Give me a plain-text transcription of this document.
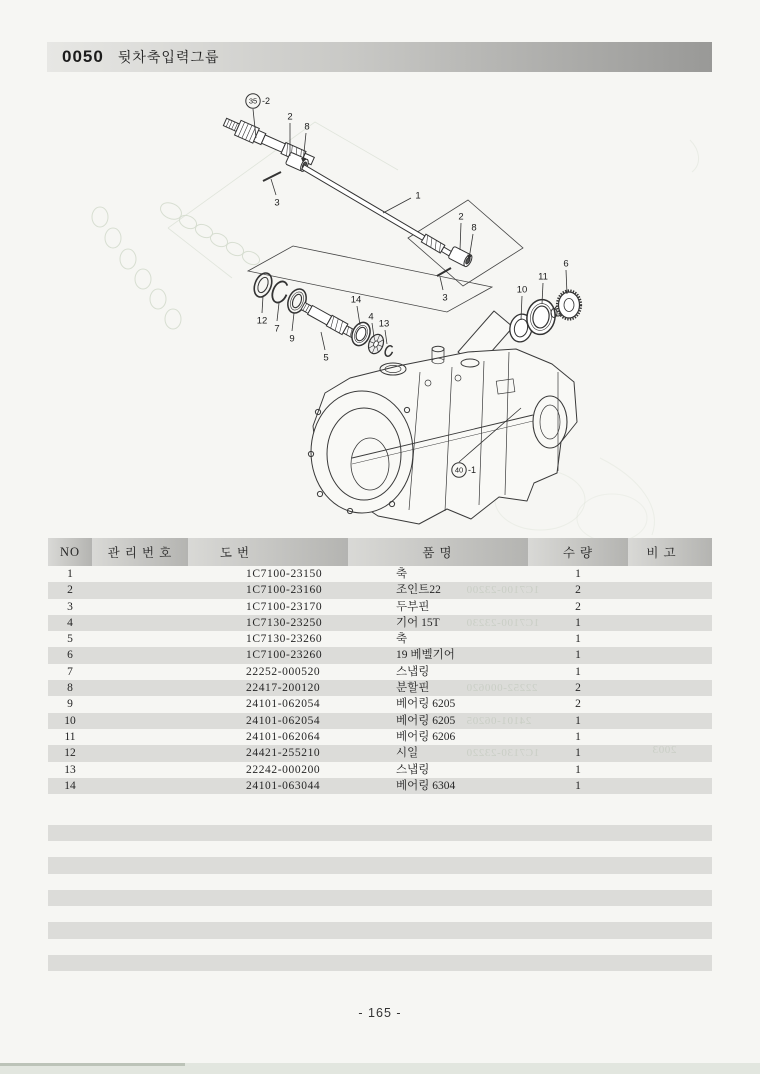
0050	뒷차축입력그룹
35 -2
2
8
3
1
2
8
3
12
7
9
5
14
4
13
10
11
6
40 -1
NO	관 리 번 호	도 번	품 명	수 량	비 고
1		1C7100-23150	축	1	
2		1C7100-23160	조인트22	2	
3		1C7100-23170	두부핀	2	
4		1C7130-23250	기어 15T	1	
5		1C7130-23260	축	1	
6		1C7100-23260	19 베벨기어	1	
7		22252-000520	스냅링	1	
8		22417-200120	분할핀	2	
9		24101-062054	베어링 6205	2	
10		24101-062054	베어링 6205	1	
11		24101-062064	베어링 6206	1	
12		24421-255210	시일	1	
13		22242-000200	스냅링	1	
14		24101-063044	베어링 6304	1	
1C7100-23200
1C7100-23230
22252-000620
24101-06205
1C7130-23220	2003
- 165 -
